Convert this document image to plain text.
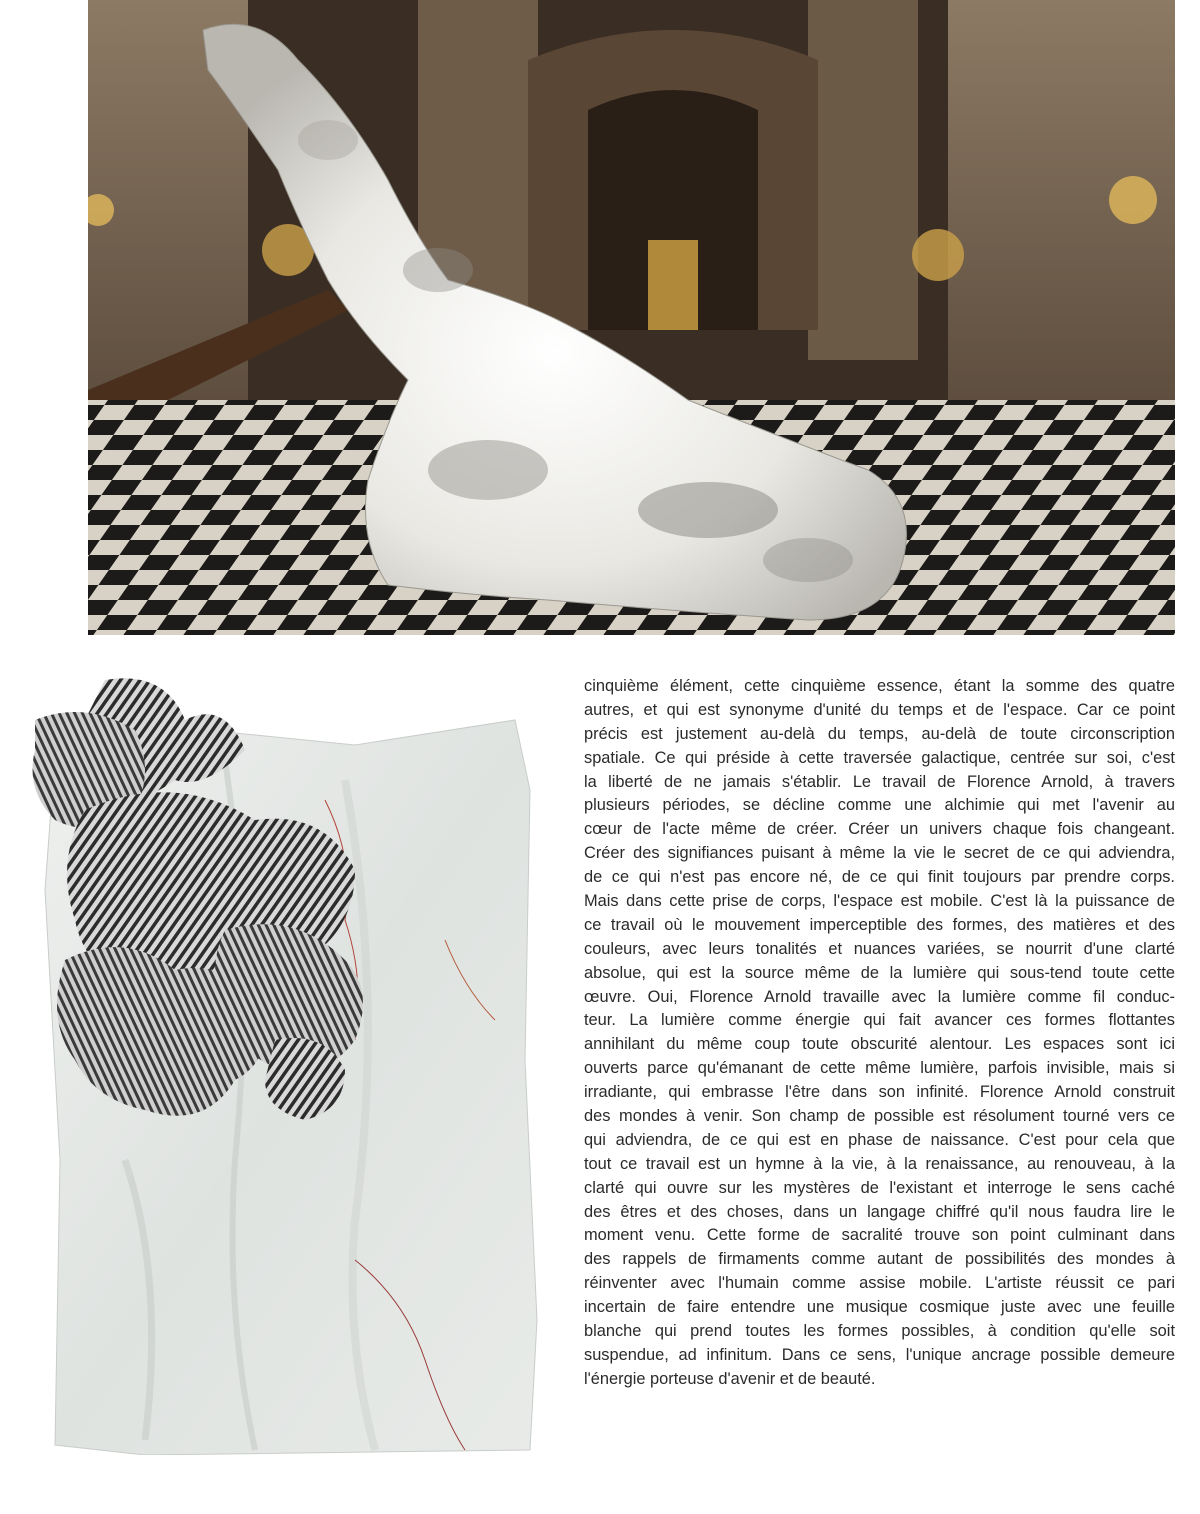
cinquième élément, cette cinquième essence, étant la somme des quatre
autres, et qui est synonyme d'unité du temps et de l'espace. Car ce point
précis est justement au-delà du temps, au-delà de toute circonscription
spatiale. Ce qui préside à cette traversée galactique, centrée sur soi, c'est
la liberté de ne jamais s'établir. Le travail de Florence Arnold, à travers
plusieurs périodes, se décline comme une alchimie qui met l'avenir au
cœur de l'acte même de créer. Créer un univers chaque fois changeant.
Créer des signifiances puisant à même la vie le secret de ce qui adviendra,
de ce qui n'est pas encore né, de ce qui finit toujours par prendre corps.
Mais dans cette prise de corps, l'espace est mobile. C'est là la puissance de
ce travail où le mouvement imperceptible des formes, des matières et des
couleurs, avec leurs tonalités et nuances variées, se nourrit d'une clarté
absolue, qui est la source même de la lumière qui sous-tend toute cette
œuvre. Oui, Florence Arnold travaille avec la lumière comme fil conduc-
teur. La lumière comme énergie qui fait avancer ces formes flottantes
annihilant du même coup toute obscurité alentour. Les espaces sont ici
ouverts parce qu'émanant de cette même lumière, parfois invisible, mais si
irradiante, qui embrasse l'être dans son infinité. Florence Arnold construit
des mondes à venir. Son champ de possible est résolument tourné vers ce
qui adviendra, de ce qui est en phase de naissance. C'est pour cela que
tout ce travail est un hymne à la vie, à la renaissance, au renouveau, à la
clarté qui ouvre sur les mystères de l'existant et interroge le sens caché
des êtres et des choses, dans un langage chiffré qu'il nous faudra lire le
moment venu. Cette forme de sacralité trouve son point culminant dans
des rappels de firmaments comme autant de possibilités des mondes à
réinventer avec l'humain comme assise mobile. L'artiste réussit ce pari
incertain de faire entendre une musique cosmique juste avec une feuille
blanche qui prend toutes les formes possibles, à condition qu'elle soit
suspendue, ad infinitum. Dans ce sens, l'unique ancrage possible demeure
l'énergie porteuse d'avenir et de beauté.
